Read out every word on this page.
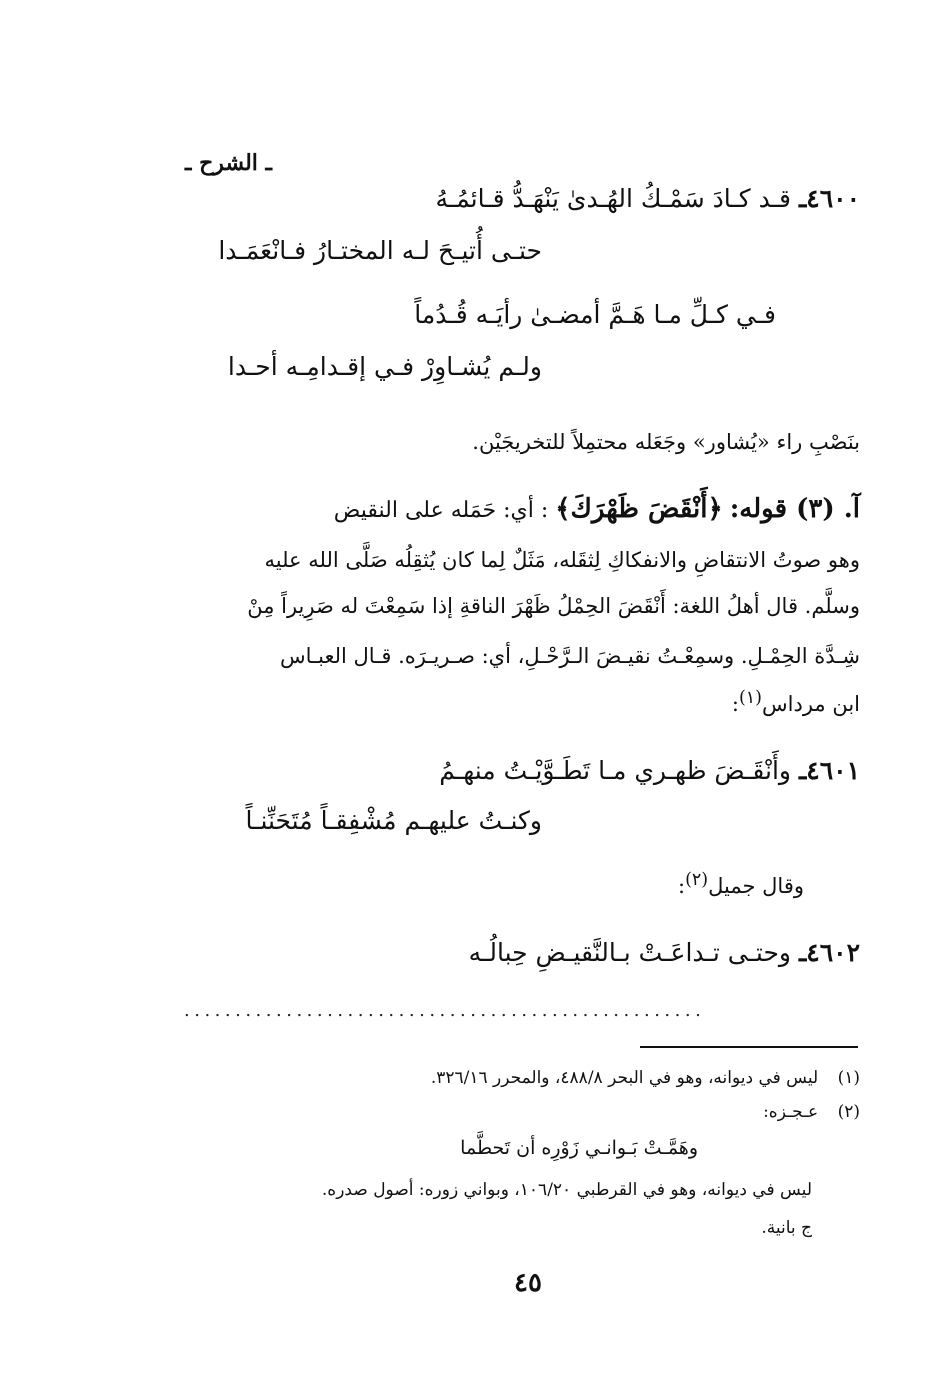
ـ الشرح ـ
٤٦٠٠ـ قـد كـادَ سَمْـكُ الهُـدىٰ يَنْهَـدُّ قـائمُـهُ
حتـى أُتيـحَ لـه المختـارُ فـانْعَمَـدا
فـي كـلِّ مـا هَـمَّ أمضـىٰ رأيَـه قُـدُماً
ولـم يُشـاوِرْ فـي إقـدامِـه أحـدا
بنَصْبِ راء «يُشاور» وجَعَله محتمِلاً للتخريجَيْن.
آ. (٣) قوله: ﴿أَنْقَضَ ظَهْرَكَ﴾ : أي: حَمَله على النقيض
وهو صوتُ الانتقاضِ والانفكاكِ لِثقَله، مَثَلٌ لِما كان يُثقِلُه صَلَّى الله عليه
وسلَّم. قال أهلُ اللغة: أَنْقَضَ الحِمْلُ ظَهْرَ الناقةِ إذا سَمِعْتَ له صَرِيراً مِنْ
شِـدَّة الحِمْـلِ. وسمِعْـتُ نقيـضَ الـرَّحْـلِ، أي: صـريـرَه. قـال العبـاس
ابن مرداس$^{(١)}$:
٤٦٠١ـ وأَنْقَـضَ ظهـري مـا تَطَـوَّيْـتُ منهـمُ
وكنـتُ عليهـم مُشْفِقـاً مُتَحَنِّنـاً
وقال جميل$^{(٢)}$:
٤٦٠٢ـ وحتـى تـداعَـتْ بـالنَّقيـضِ حِبالُـه
...................................................
(١) ليس في ديوانه، وهو في البحر ٤٨٨/٨، والمحرر ٣٢٦/١٦.
(٢) عـجـزه:
وهَمَّـتْ بَـوانـي زَوْرِه أن تَحطَّما
ليس في ديوانه، وهو في القرطبي ١٠٦/٢٠، وبواني زوره: أصول صدره.
ج بانية.
٤٥
